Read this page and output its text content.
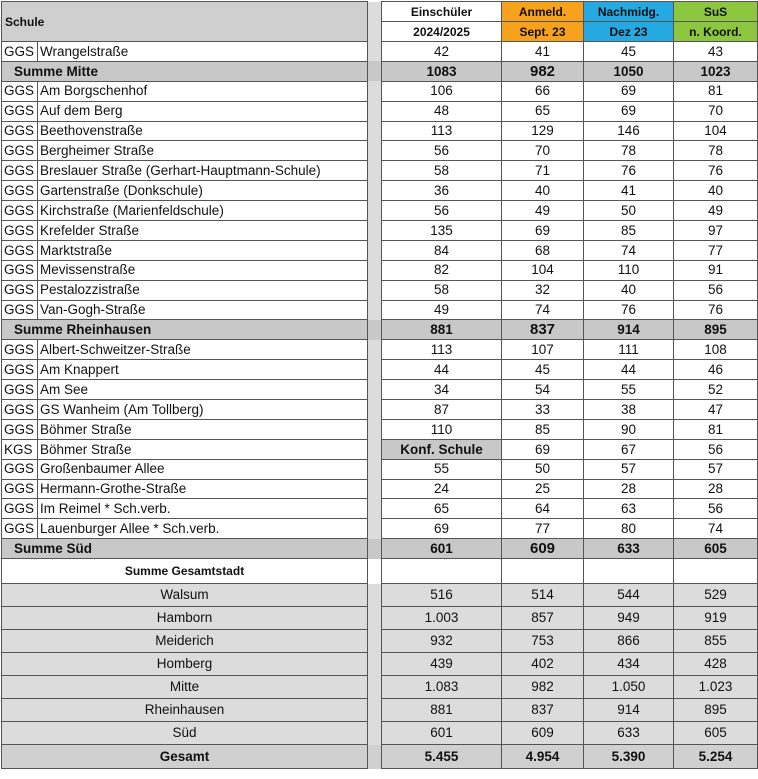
Schule			Einschüler	Anmeld.	Nachmidg.	SuS
			2024/2025	Sept. 23	Dez 23	n. Koord.
GGS	Wrangelstraße		42	41	45	43
Summe Mitte			1083	982	1050	1023
GGS	Am Borgschenhof		106	66	69	81
GGS	Auf dem Berg		48	65	69	70
GGS	Beethovenstraße		113	129	146	104
GGS	Bergheimer Straße		56	70	78	78
GGS	Breslauer Straße (Gerhart-Hauptmann-Schule)		58	71	76	76
GGS	Gartenstraße (Donkschule)		36	40	41	40
GGS	Kirchstraße (Marienfeldschule)		56	49	50	49
GGS	Krefelder Straße		135	69	85	97
GGS	Marktstraße		84	68	74	77
GGS	Mevissenstraße		82	104	110	91
GGS	Pestalozzistraße		58	32	40	56
GGS	Van-Gogh-Straße		49	74	76	76
Summe Rheinhausen			881	837	914	895
GGS	Albert-Schweitzer-Straße		113	107	111	108
GGS	Am Knappert		44	45	44	46
GGS	Am See		34	54	55	52
GGS	GS Wanheim (Am Tollberg)		87	33	38	47
GGS	Böhmer Straße		110	85	90	81
KGS	Böhmer Straße		Konf. Schule	69	67	56
GGS	Großenbaumer Allee		55	50	57	57
GGS	Hermann-Grothe-Straße		24	25	28	28
GGS	Im Reimel * Sch.verb.		65	64	63	56
GGS	Lauenburger Allee * Sch.verb.		69	77	80	74
Summe Süd			601	609	633	605
Summe Gesamtstadt						
Walsum			516	514	544	529
Hamborn			1.003	857	949	919
Meiderich			932	753	866	855
Homberg			439	402	434	428
Mitte			1.083	982	1.050	1.023
Rheinhausen			881	837	914	895
Süd			601	609	633	605
Gesamt			5.455	4.954	5.390	5.254
